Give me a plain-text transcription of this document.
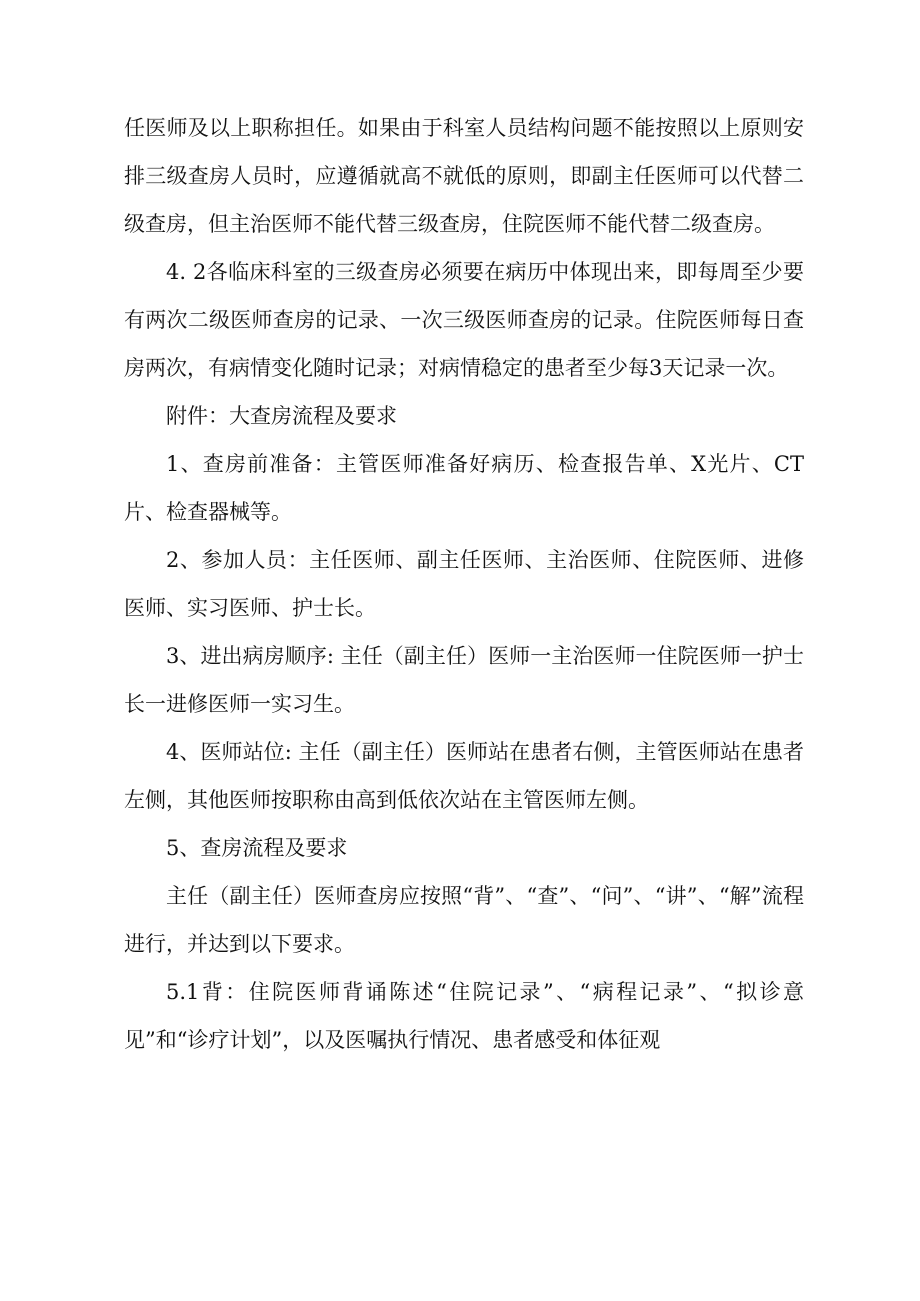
任医师及以上职称担任。如果由于科室人员结构问题不能按照以上原则安排三级查房人员时，应遵循就高不就低的原则，即副主任医师可以代替二级查房，但主治医师不能代替三级查房，住院医师不能代替二级查房。

4. 2各临床科室的三级查房必须要在病历中体现出来，即每周至少要有两次二级医师查房的记录、一次三级医师查房的记录。住院医师每日查房两次，有病情变化随时记录；对病情稳定的患者至少每3天记录一次。

附件：大查房流程及要求

1、查房前准备：主管医师准备好病历、检查报告单、X光片、CT片、检查器械等。

2、参加人员：主任医师、副主任医师、主治医师、住院医师、进修医师、实习医师、护士长。

3、进出病房顺序: 主任（副主任）医师一主治医师一住院医师一护士长一进修医师一实习生。

4、医师站位: 主任（副主任）医师站在患者右侧，主管医师站在患者左侧，其他医师按职称由高到低依次站在主管医师左侧。

5、查房流程及要求

主任（副主任）医师查房应按照“背”、“查”、“问”、“讲”、“解”流程进行，并达到以下要求。

5.1背：住院医师背诵陈述“住院记录”、“病程记录”、“拟诊意见”和“诊疗计划”，以及医嘱执行情况、患者感受和体征观
